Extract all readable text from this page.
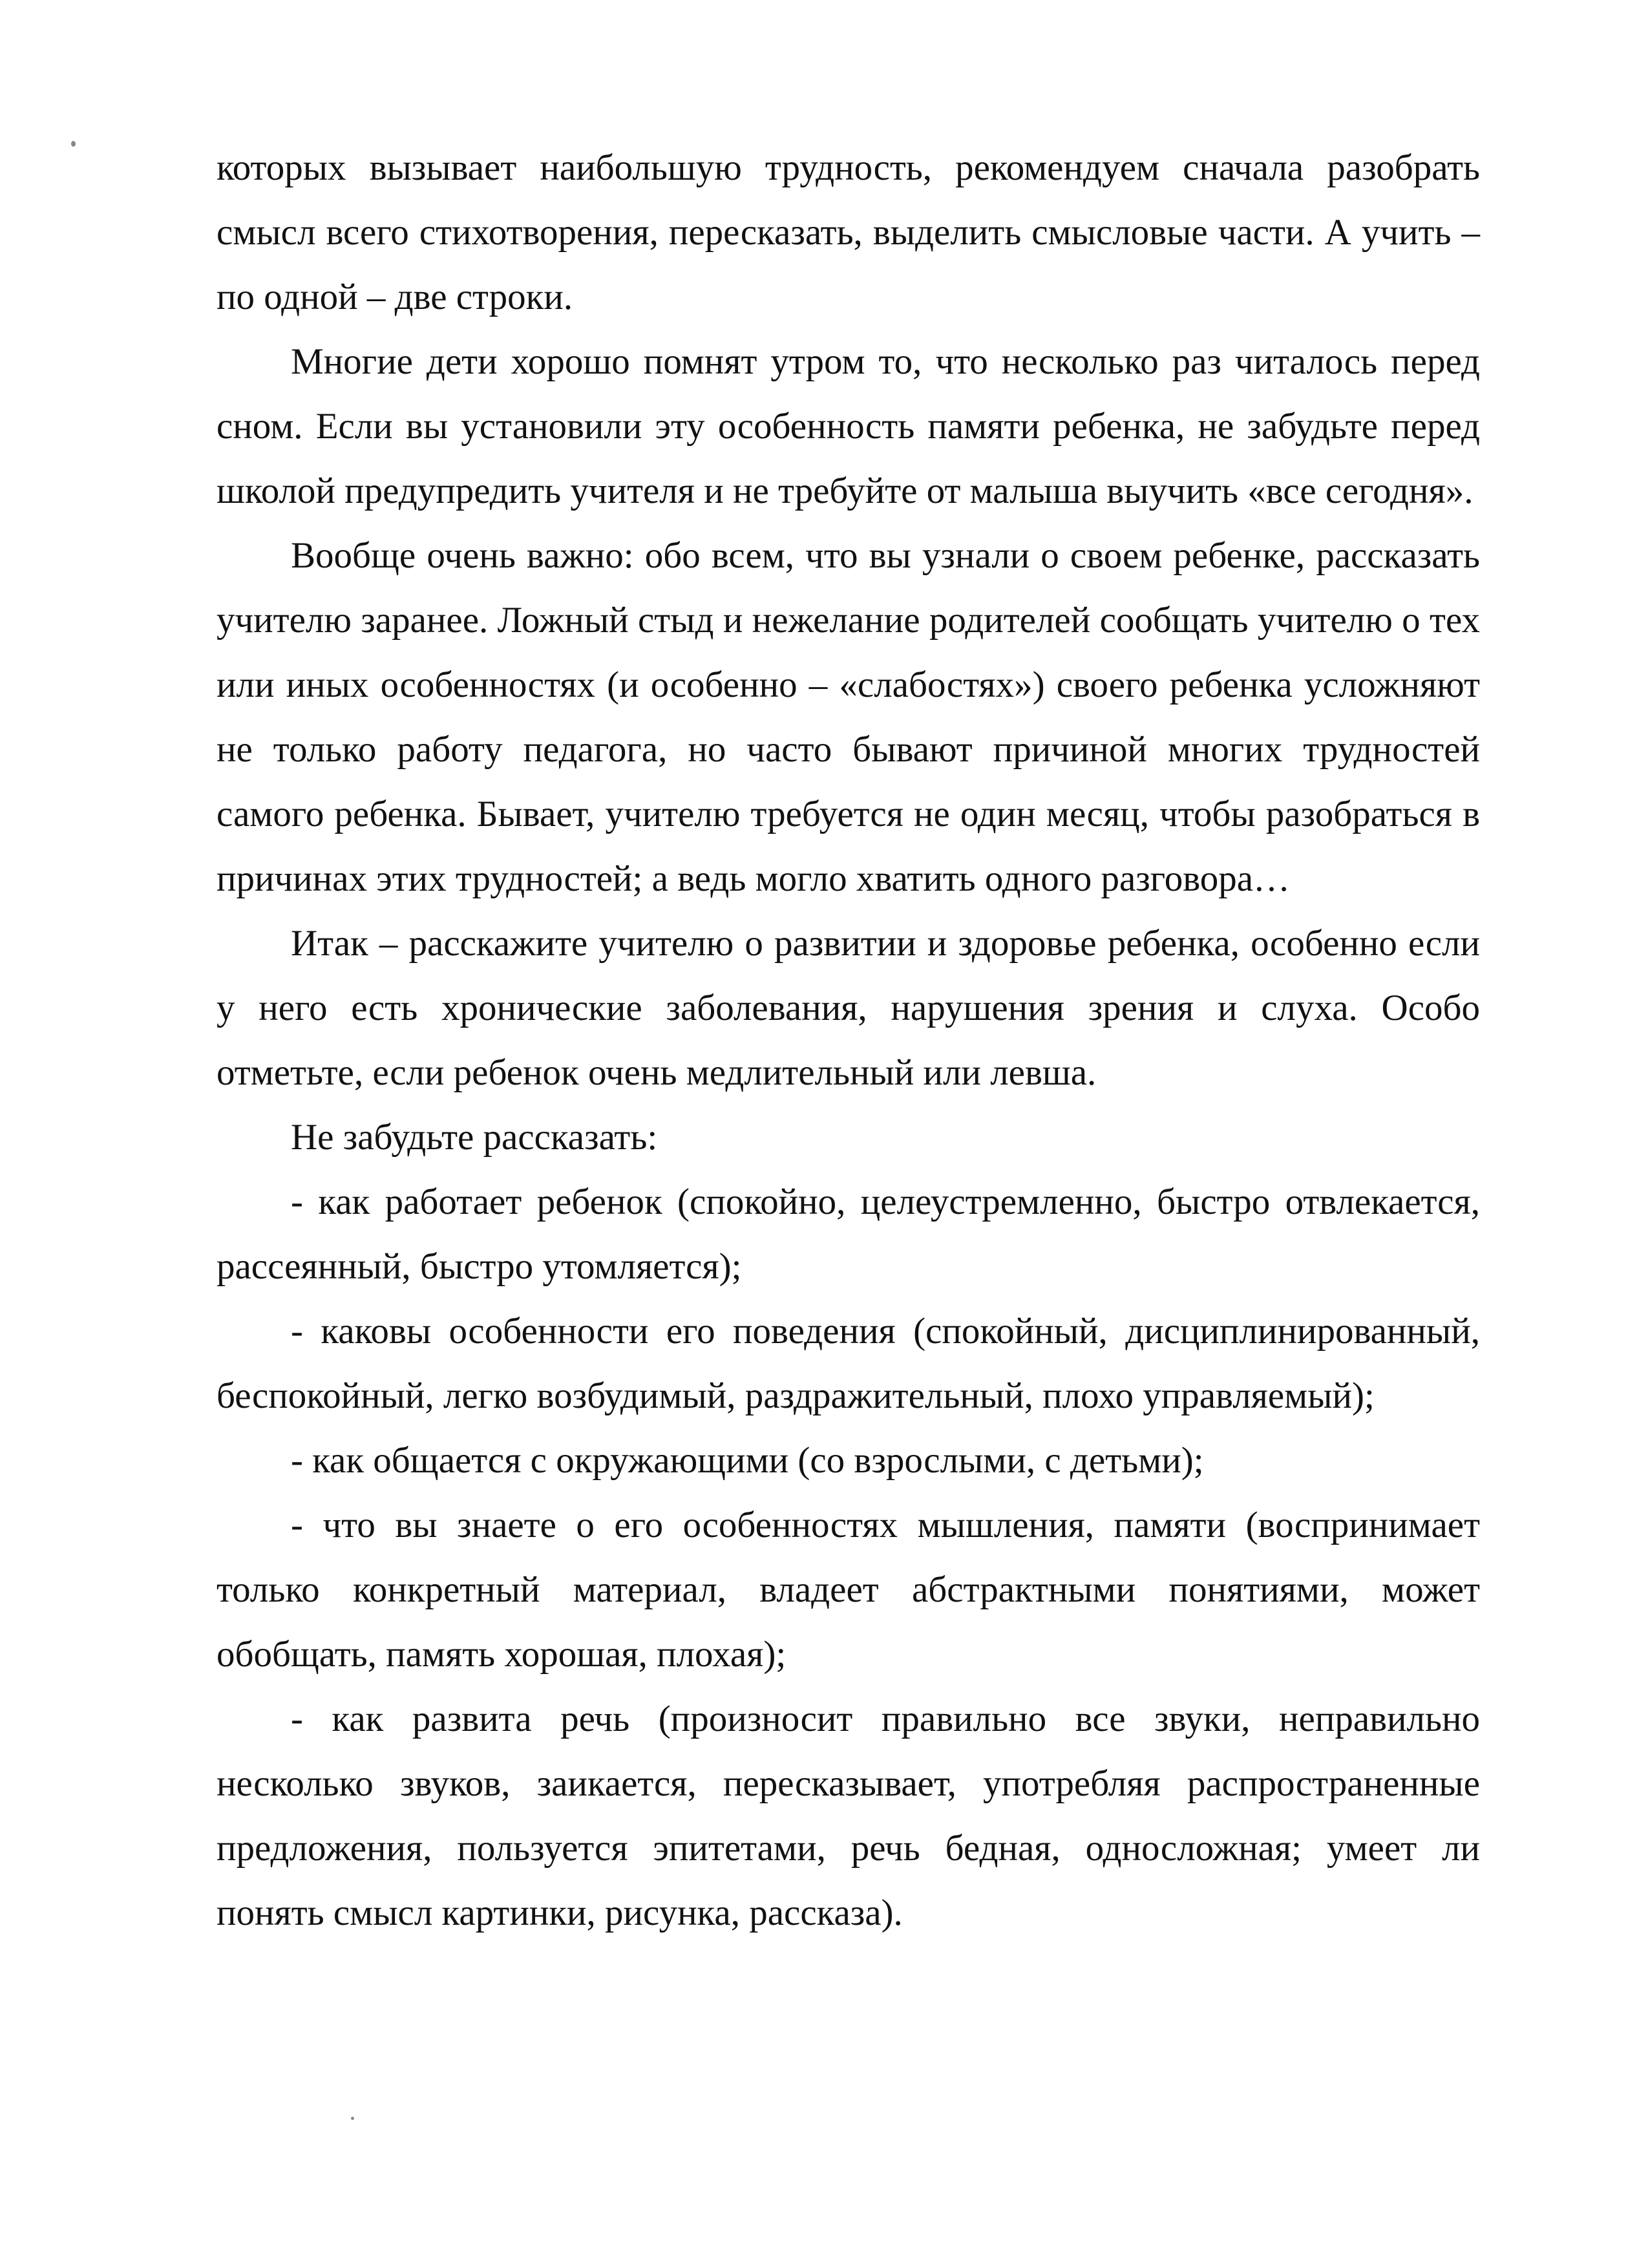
которых вызывает наибольшую трудность, рекомендуем сначала разобрать смысл всего стихотворения, пересказать, выделить смысловые части. А учить – по одной – две строки.

Многие дети хорошо помнят утром то, что несколько раз читалось перед сном. Если вы установили эту особенность памяти ребенка, не забудьте перед школой предупредить учителя и не требуйте от малыша выучить «все сегодня».

Вообще очень важно: обо всем, что вы узнали о своем ребенке, рассказать учителю заранее. Ложный стыд и нежелание родителей сообщать учителю о тех или иных особенностях (и особенно – «слабостях») своего ребенка усложняют не только работу педагога, но часто бывают причиной многих трудностей самого ребенка. Бывает, учителю требуется не один месяц, чтобы разобраться в причинах этих трудностей; а ведь могло хватить одного разговора…

Итак – расскажите учителю о развитии и здоровье ребенка, особенно если у него есть хронические заболевания, нарушения зрения и слуха. Особо отметьте, если ребенок очень медлительный или левша.

Не забудьте рассказать:

- как работает ребенок (спокойно, целеустремленно, быстро отвлекается, рассеянный, быстро утомляется);

- каковы особенности его поведения (спокойный, дисциплинированный, беспокойный, легко возбудимый, раздражительный, плохо управляемый);

- как общается с окружающими (со взрослыми, с детьми);

- что вы знаете о его особенностях мышления, памяти (воспринимает только конкретный материал, владеет абстрактными понятиями, может обобщать, память хорошая, плохая);

- как развита речь (произносит правильно все звуки, неправильно несколько звуков, заикается, пересказывает, употребляя распространенные предложения, пользуется эпитетами, речь бедная, односложная; умеет ли понять смысл картинки, рисунка, рассказа).
